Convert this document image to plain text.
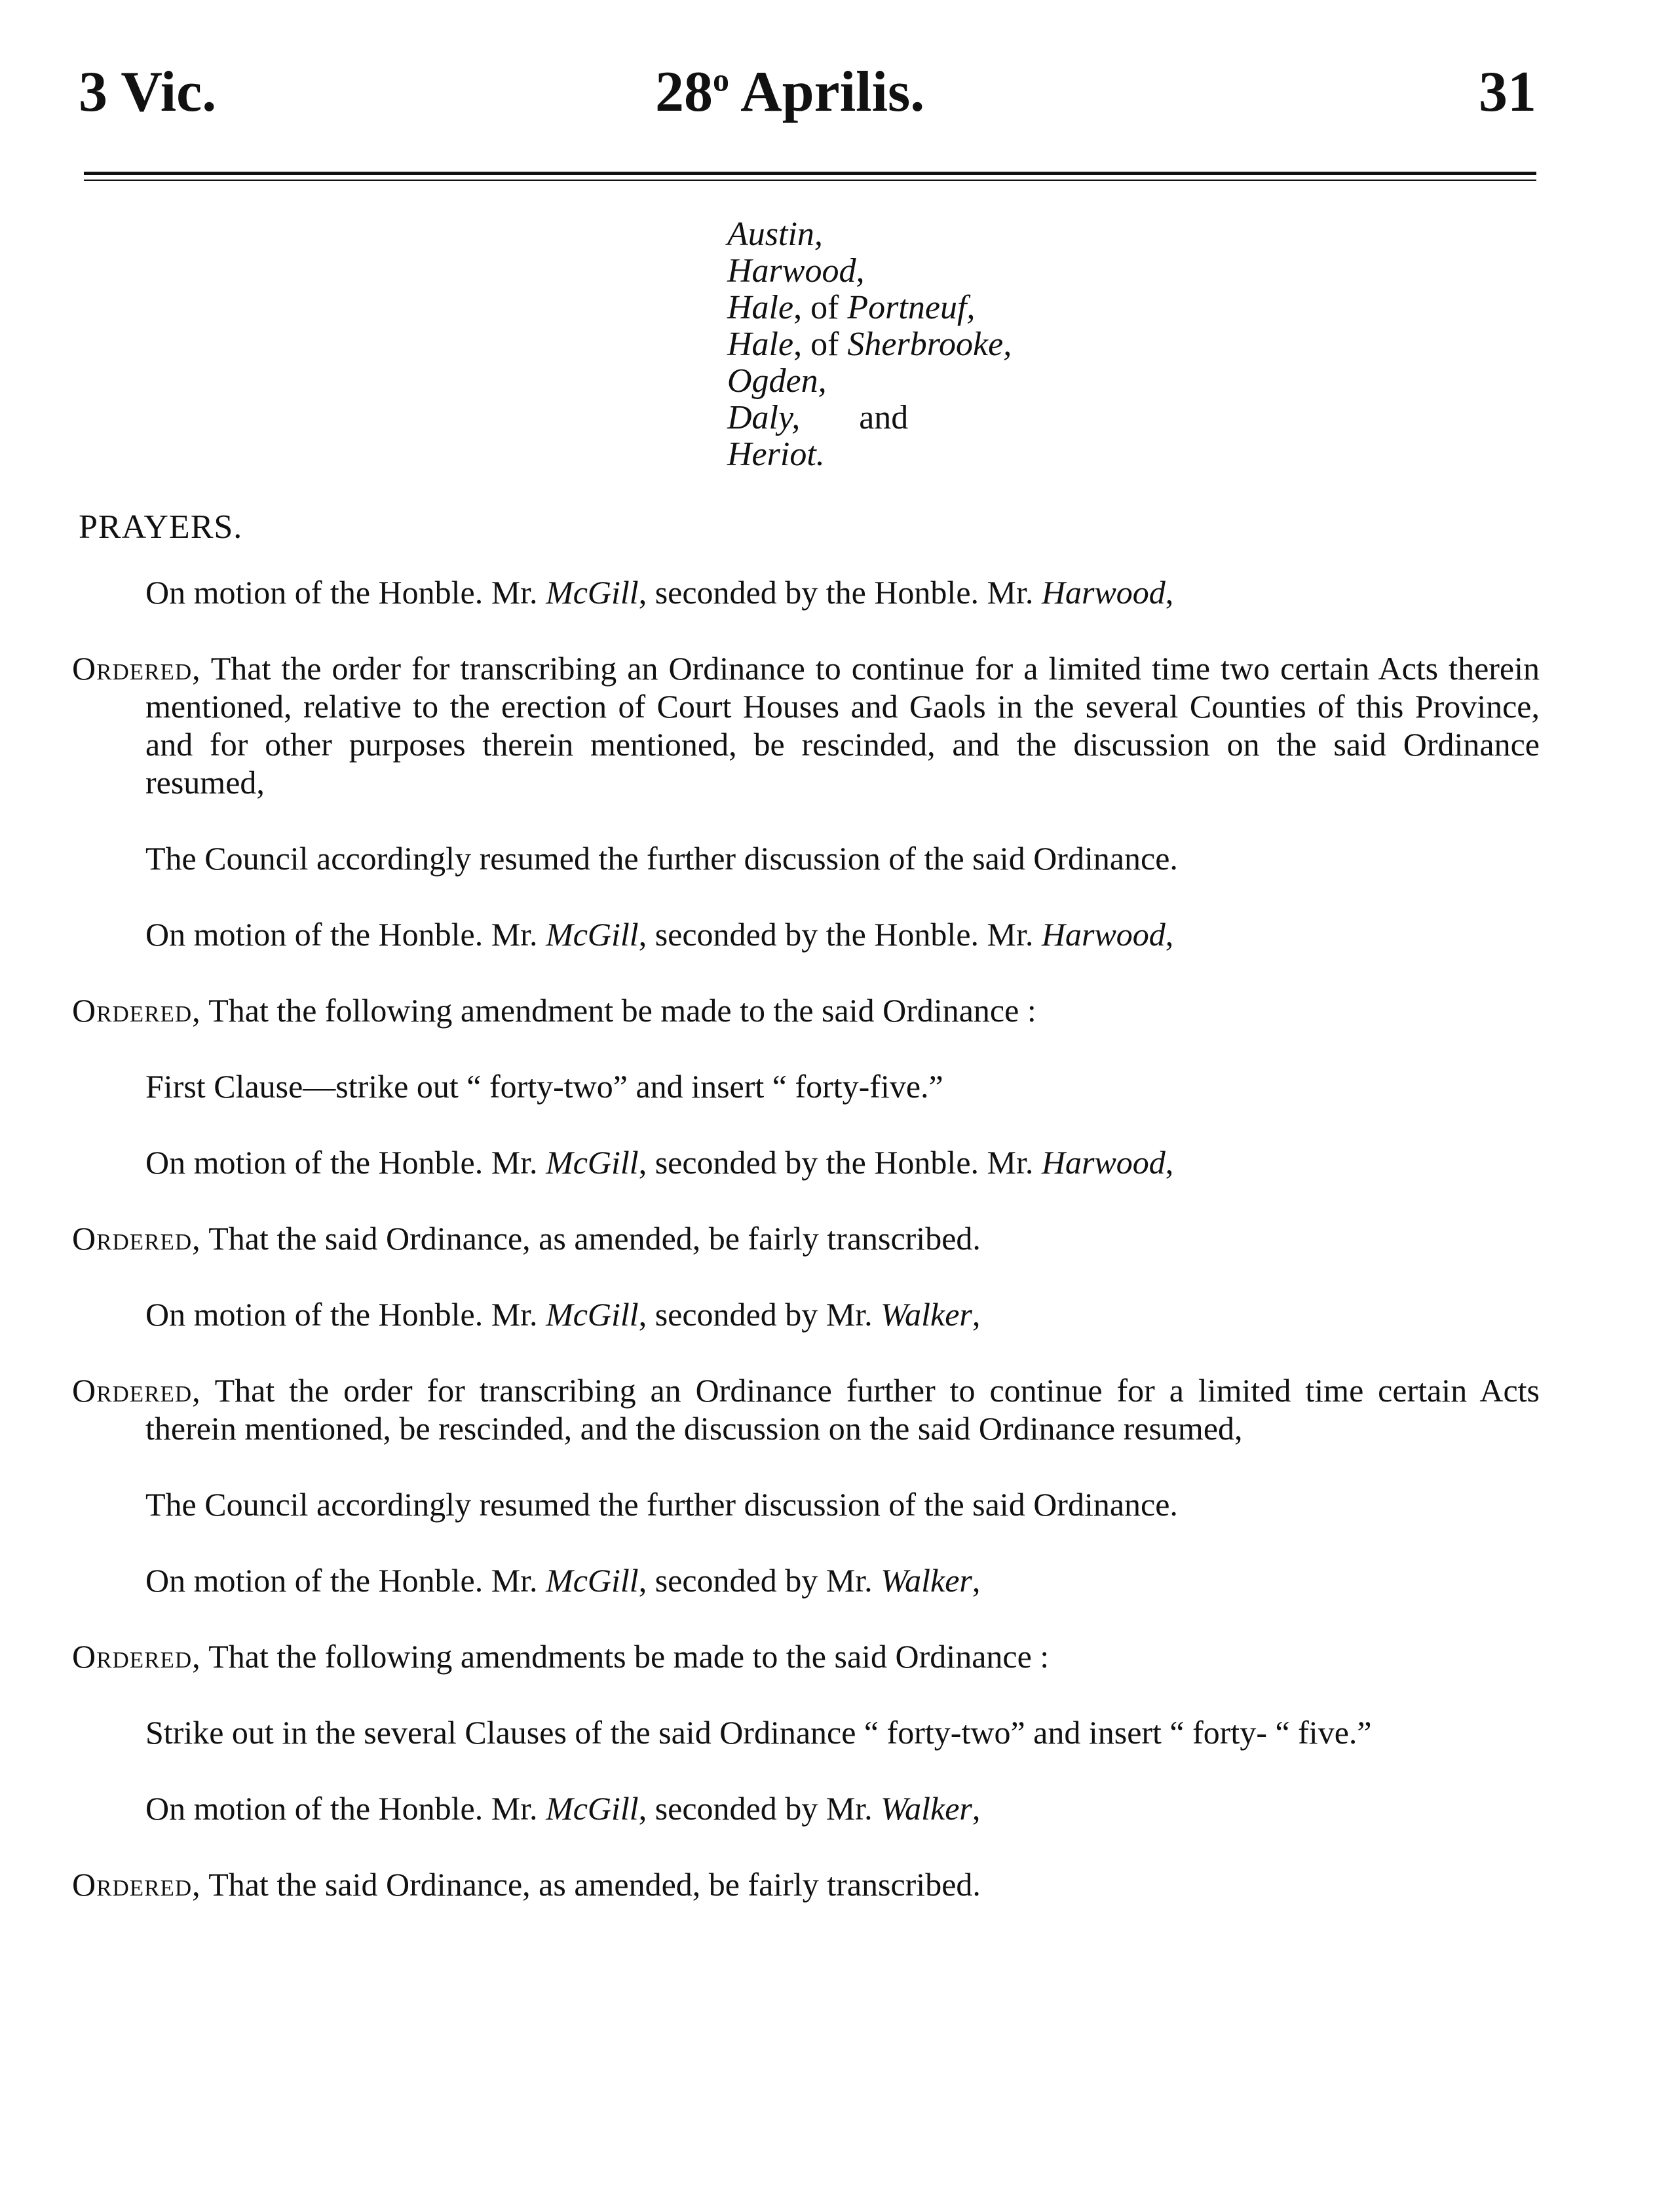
3 Vic.	28$^o$ Aprilis.	31
Austin,
Harwood,
Hale, of Portneuf,
Hale, of Sherbrooke,
Ogden,
Daly, and
Heriot.
PRAYERS.

On motion of the Honble. Mr. McGill, seconded by the Honble. Mr. Harwood,

Ordered, That the order for transcribing an Ordinance to continue for a limited time two certain Acts therein mentioned, relative to the erection of Court Houses and Gaols in the several Counties of this Province, and for other purposes therein mentioned, be rescinded, and the discussion on the said Ordinance resumed,

The Council accordingly resumed the further discussion of the said Ordinance.

On motion of the Honble. Mr. McGill, seconded by the Honble. Mr. Harwood,

Ordered, That the following amendment be made to the said Ordinance :

First Clause—strike out “ forty-two” and insert “ forty-five.”

On motion of the Honble. Mr. McGill, seconded by the Honble. Mr. Harwood,

Ordered, That the said Ordinance, as amended, be fairly transcribed.

On motion of the Honble. Mr. McGill, seconded by Mr. Walker,

Ordered, That the order for transcribing an Ordinance further to continue for a limited time certain Acts therein mentioned, be rescinded, and the discussion on the said Ordinance resumed,

The Council accordingly resumed the further discussion of the said Ordinance.

On motion of the Honble. Mr. McGill, seconded by Mr. Walker,

Ordered, That the following amendments be made to the said Ordinance :

Strike out in the several Clauses of the said Ordinance “ forty-two” and insert “ forty- “ five.”

On motion of the Honble. Mr. McGill, seconded by Mr. Walker,

Ordered, That the said Ordinance, as amended, be fairly transcribed.
